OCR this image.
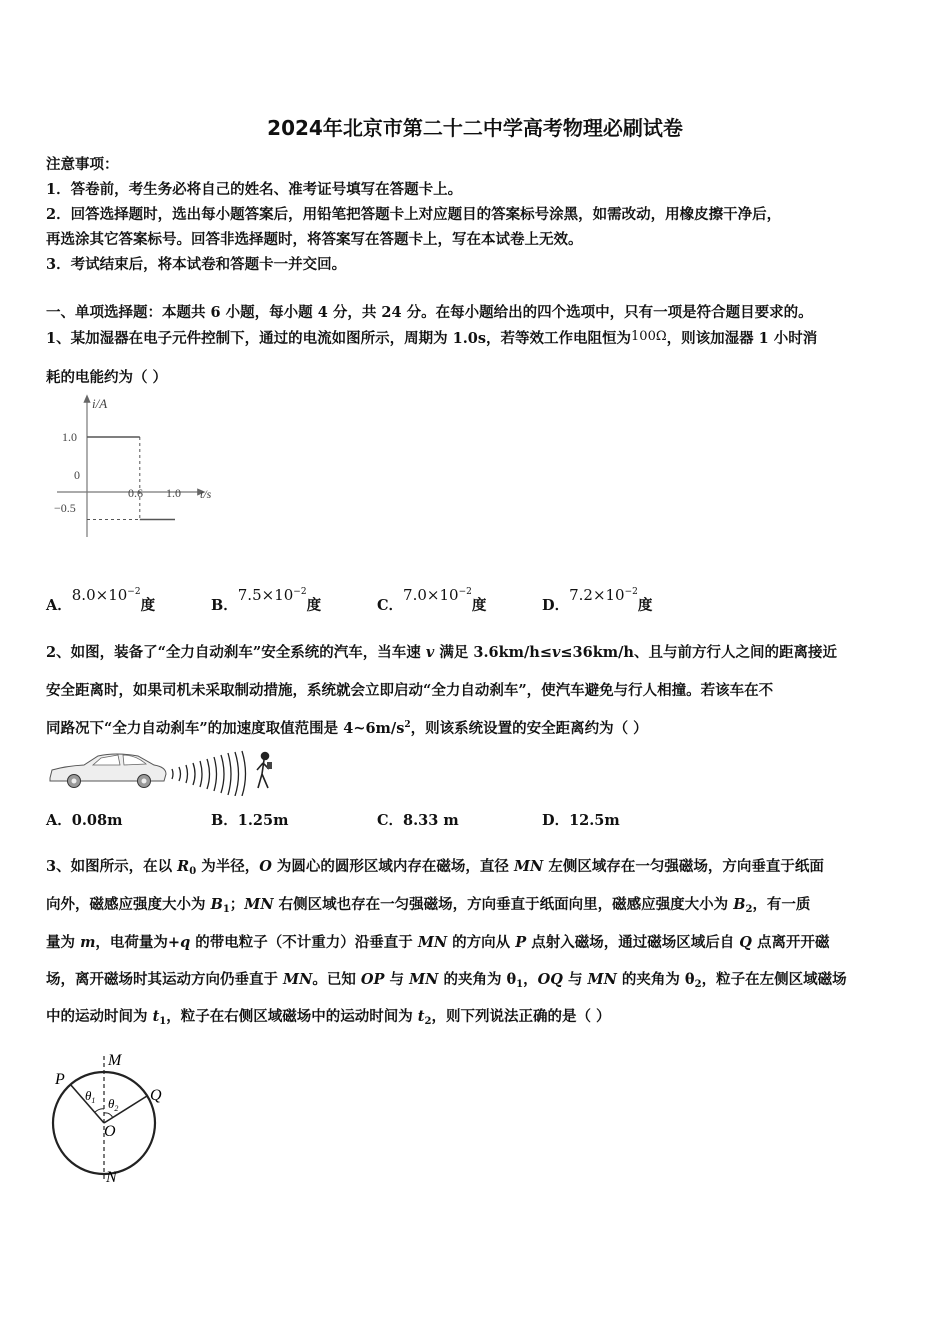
2024年北京市第二十二中学高考物理必刷试卷
注意事项：
1．答卷前，考生务必将自己的姓名、准考证号填写在答题卡上。
2．回答选择题时，选出每小题答案后，用铅笔把答题卡上对应题目的答案标号涂黑，如需改动，用橡皮擦干净后，
再选涂其它答案标号。回答非选择题时，将答案写在答题卡上，写在本试卷上无效。
3．考试结束后，将本试卷和答题卡一并交回。
一、单项选择题：本题共 6 小题，每小题 4 分，共 24 分。在每小题给出的四个选项中，只有一项是符合题目要求的。
1、某加湿器在电子元件控制下，通过的电流如图所示，周期为 1.0s，若等效工作电阻恒为100Ω，则该加湿器 1 小时消
耗的电能约为（ ）
i/A
t/s
1.0
0
−0.5
0.6 1.0
A．$8.0\times 10^{-2}$度	B．$7.5\times 10^{-2}$度	C．$7.0\times 10^{-2}$度	D．$7.2\times 10^{-2}$度
2、如图，装备了“全力自动刹车”安全系统的汽车，当车速 v 满足 3.6km/h≤v≤36km/h、且与前方行人之间的距离接近
安全距离时，如果司机未采取制动措施，系统就会立即启动“全力自动刹车”，使汽车避免与行人相撞。若该车在不
同路况下“全力自动刹车”的加速度取值范围是 $4\sim 6m/s^2$，则该系统设置的安全距离约为（ ）
A．0.08m	B．1.25m	C．8.33 m	D．12.5m
3、如图所示，在以 $R_0$ 为半径，O 为圆心的圆形区域内存在磁场，直径 MN 左侧区域存在一匀强磁场，方向垂直于纸面
向外，磁感应强度大小为 $B_1$；MN 右侧区域也存在一匀强磁场，方向垂直于纸面向里，磁感应强度大小为 $B_2$，有一质
量为 m，电荷量为+q 的带电粒子（不计重力）沿垂直于 MN 的方向从 P 点射入磁场，通过磁场区域后自 Q 点离开开磁
场，离开磁场时其运动方向仍垂直于 MN。已知 OP 与 MN 的夹角为 $\theta_1$，OQ 与 MN 的夹角为 $\theta_2$，粒子在左侧区域磁场
中的运动时间为 $t_1$，粒子在右侧区域磁场中的运动时间为 $t_2$，则下列说法正确的是（ ）
M
N
P
Q
O
$\theta_1$ $\theta_2$
